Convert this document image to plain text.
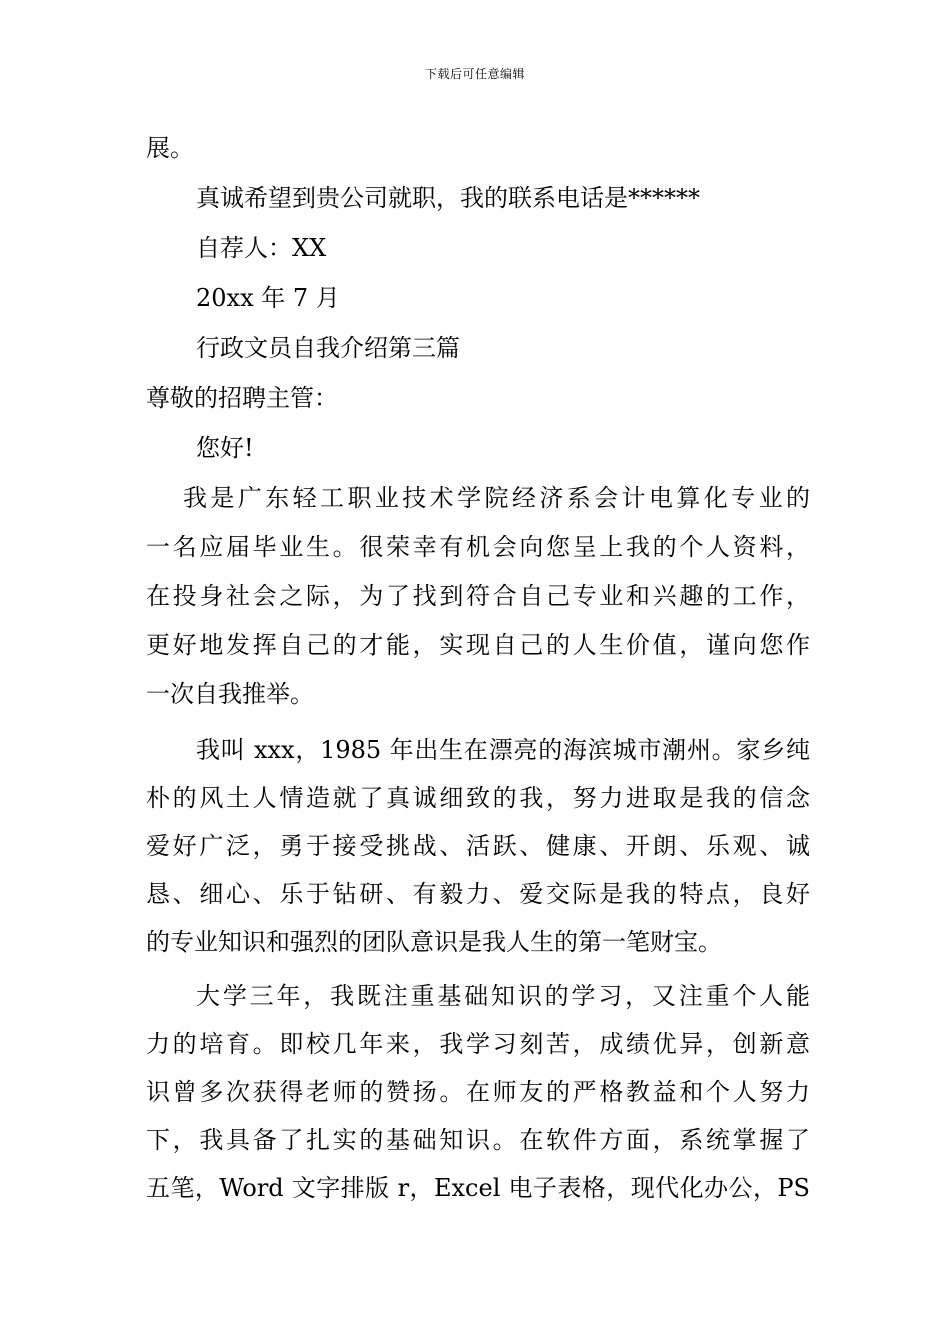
下载后可任意编辑
展。
真诚希望到贵公司就职，我的联系电话是******
自荐人：XX
20xx 年 7 月
行政文员自我介绍第三篇
尊敬的招聘主管：
您好!
我是广东轻工职业技术学院经济系会计电算化专业的
一名应届毕业生。很荣幸有机会向您呈上我的个人资料，
在投身社会之际，为了找到符合自己专业和兴趣的工作，
更好地发挥自己的才能，实现自己的人生价值，谨向您作
一次自我推举。
我叫 xxx，1985 年出生在漂亮的海滨城市潮州。家乡纯
朴的风土人情造就了真诚细致的我，努力进取是我的信念
爱好广泛，勇于接受挑战、活跃、健康、开朗、乐观、诚
恳、细心、乐于钻研、有毅力、爱交际是我的特点，良好
的专业知识和强烈的团队意识是我人生的第一笔财宝。
大学三年，我既注重基础知识的学习，又注重个人能
力的培育。即校几年来，我学习刻苦，成绩优异，创新意
识曾多次获得老师的赞扬。在师友的严格教益和个人努力
下，我具备了扎实的基础知识。在软件方面，系统掌握了
五笔，Word 文字排版 r，Excel 电子表格，现代化办公，PS
